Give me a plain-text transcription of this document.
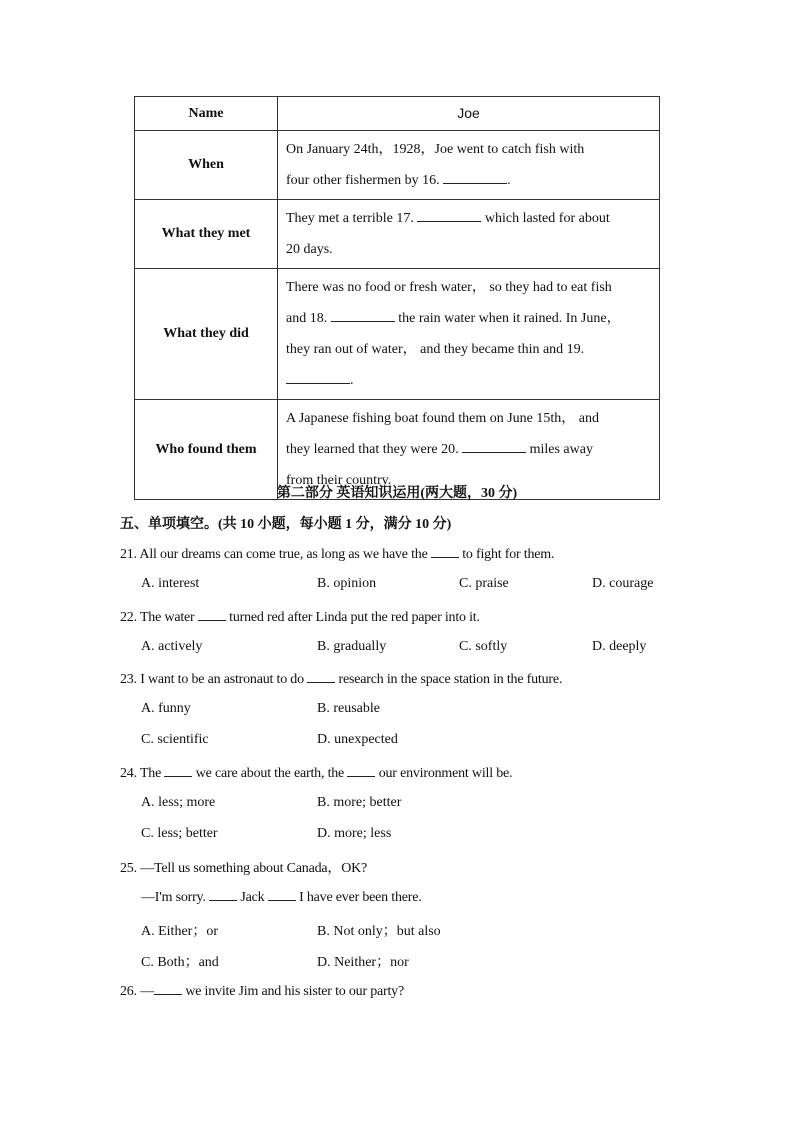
Name	Joe
When	On January 24th，1928，Joe went to catch fish with
four other fishermen by 16. .
What they met	They met a terrible 17. which lasted for about
20 days.
What they did	There was no food or fresh water， so they had to eat fish
and 18. the rain water when it rained. In June，
they ran out of water， and they became thin and 19.
.
Who found them	A Japanese fishing boat found them on June 15th， and
they learned that they were 20. miles away
from their country.
第二部分 英语知识运用(两大题，30 分)
五、单项填空。(共 10 小题，每小题 1 分，满分 10 分)
21. All our dreams can come true, as long as we have the to fight for them.
A. interest	B. opinion	C. praise	D. courage
22. The water turned red after Linda put the red paper into it.
A. actively	B. gradually	C. softly	D. deeply
23. I want to be an astronaut to do research in the space station in the future.
A. funny	B. reusable
C. scientific	D. unexpected
24. The we care about the earth, the our environment will be.
A. less; more	B. more; better
C. less; better	D. more; less
25. —Tell us something about Canada，OK?
—I'm sorry. Jack I have ever been there.
A. Either；or	B. Not only；but also
C. Both；and	D. Neither；nor
26. — we invite Jim and his sister to our party?
